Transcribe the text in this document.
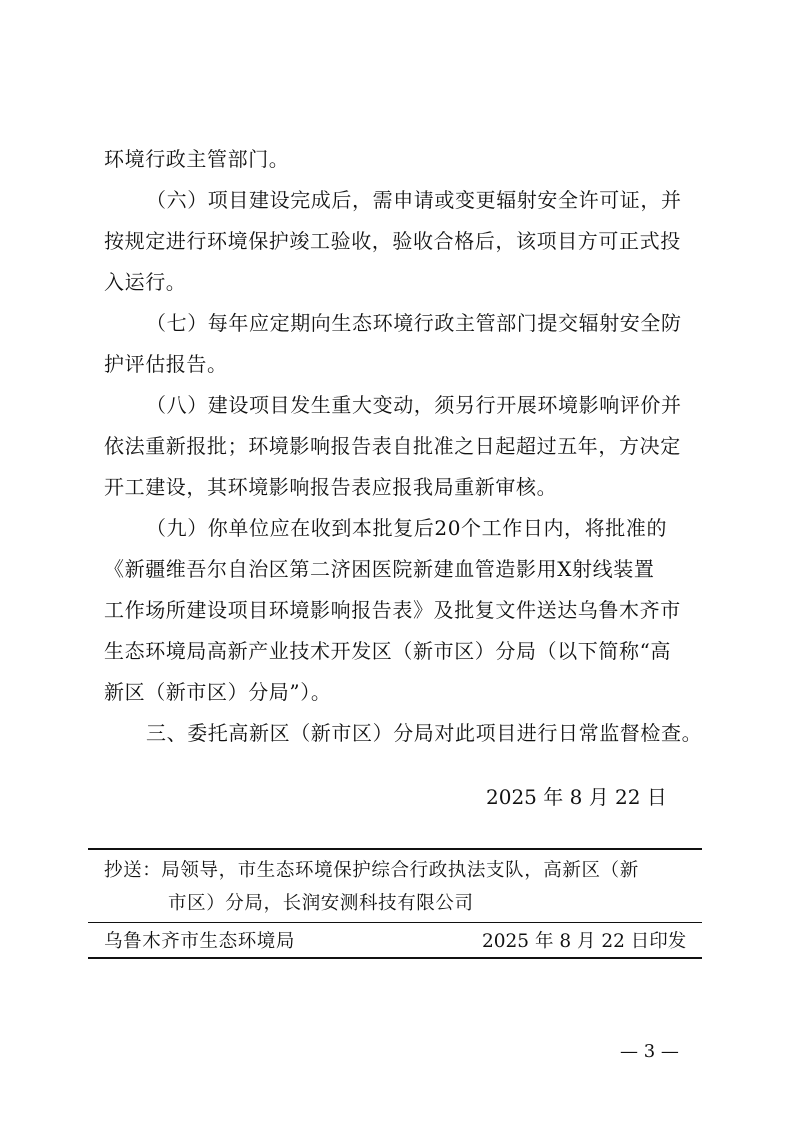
环境行政主管部门。
（六）项目建设完成后，需申请或变更辐射安全许可证，并
按规定进行环境保护竣工验收，验收合格后，该项目方可正式投
入运行。
（七）每年应定期向生态环境行政主管部门提交辐射安全防
护评估报告。
（八）建设项目发生重大变动，须另行开展环境影响评价并
依法重新报批；环境影响报告表自批准之日起超过五年，方决定
开工建设，其环境影响报告表应报我局重新审核。
（九）你单位应在收到本批复后20个工作日内，将批准的
《新疆维吾尔自治区第二济困医院新建血管造影用X射线装置
工作场所建设项目环境影响报告表》及批复文件送达乌鲁木齐市
生态环境局高新产业技术开发区（新市区）分局（以下简称“高
新区（新市区）分局”）。
三、委托高新区（新市区）分局对此项目进行日常监督检查。
2025 年 8 月 22 日
抄送：局领导，市生态环境保护综合行政执法支队，高新区（新
市区）分局，长润安测科技有限公司
乌鲁木齐市生态环境局	2025 年 8 月 22 日印发
— 3 —
